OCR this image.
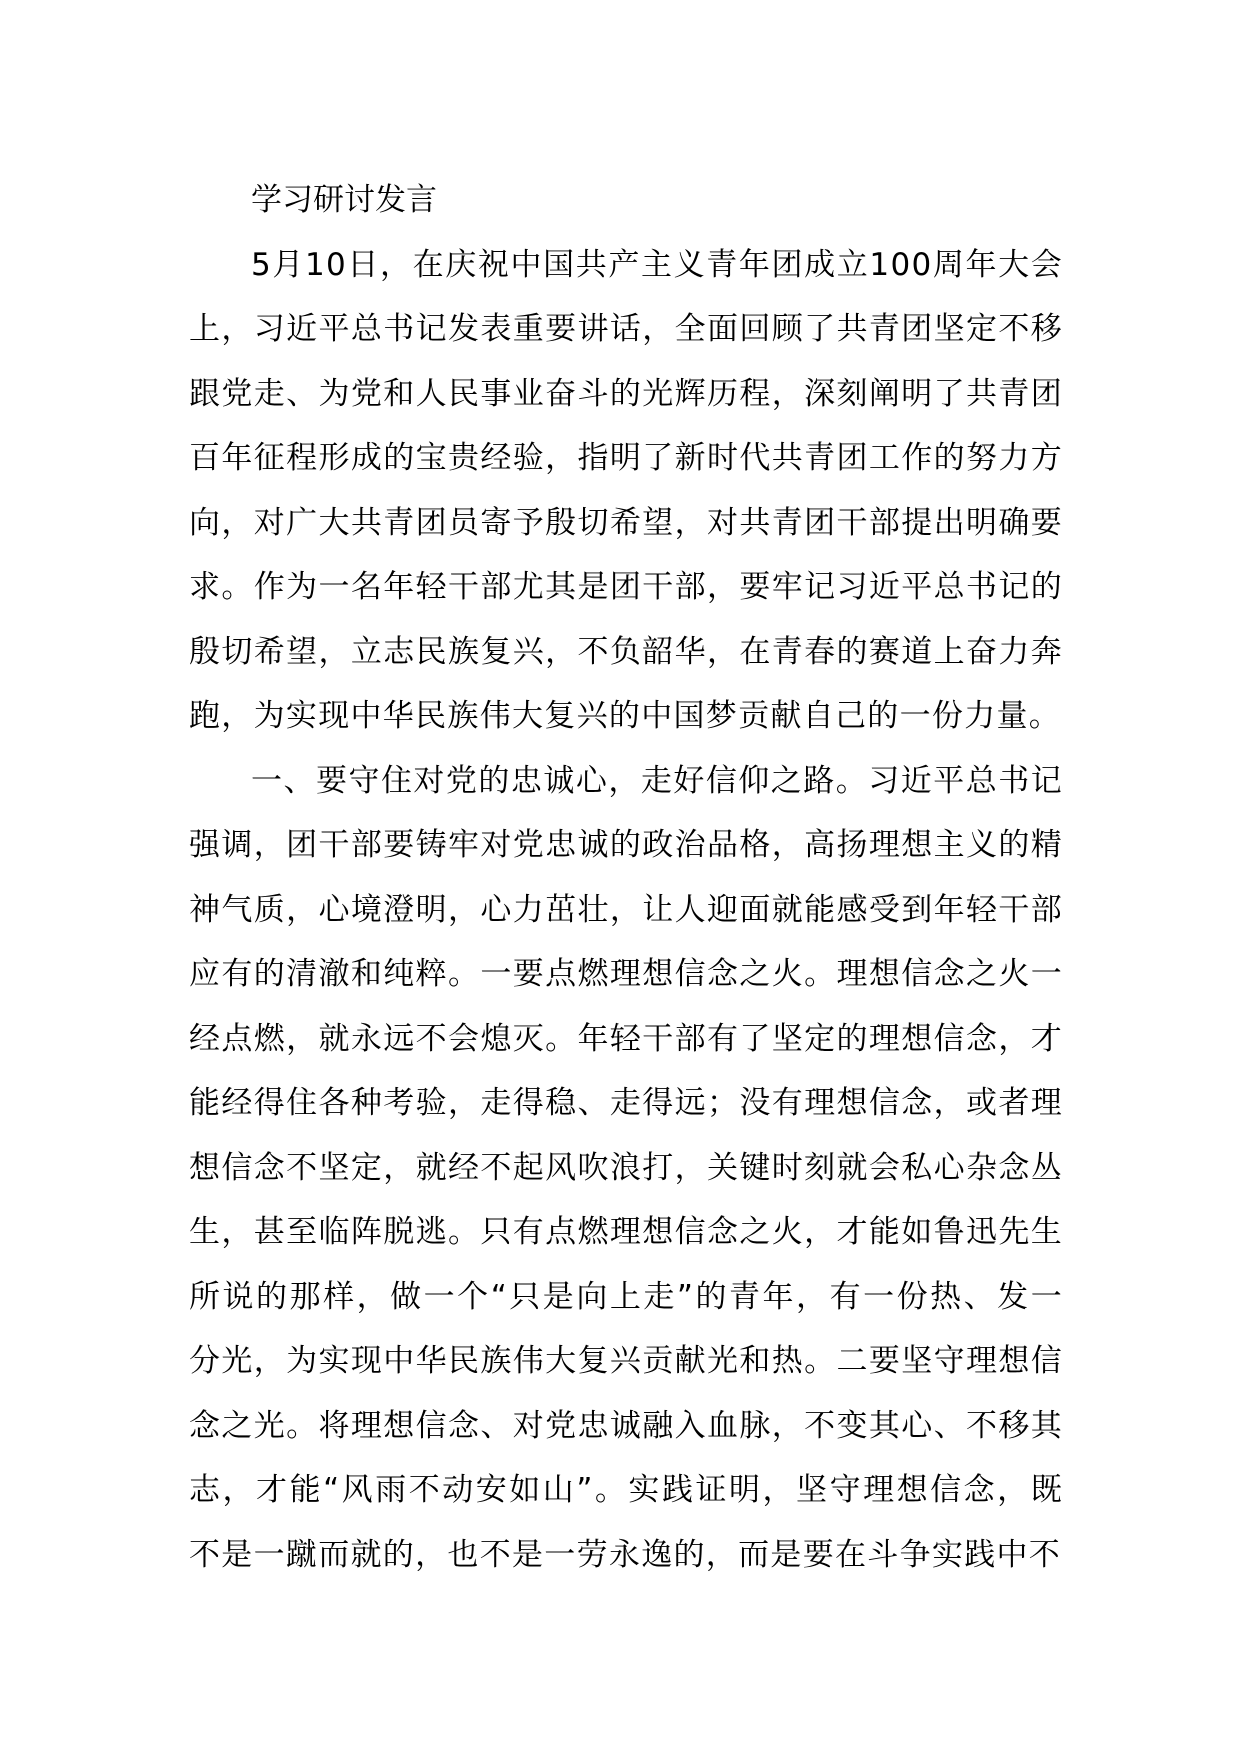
学习研讨发言

5月10日，在庆祝中国共产主义青年团成立100周年大会上，习近平总书记发表重要讲话，全面回顾了共青团坚定不移跟党走、为党和人民事业奋斗的光辉历程，深刻阐明了共青团百年征程形成的宝贵经验，指明了新时代共青团工作的努力方向，对广大共青团员寄予殷切希望，对共青团干部提出明确要求。作为一名年轻干部尤其是团干部，要牢记习近平总书记的殷切希望，立志民族复兴，不负韶华，在青春的赛道上奋力奔跑，为实现中华民族伟大复兴的中国梦贡献自己的一份力量。

一、要守住对党的忠诚心，走好信仰之路。习近平总书记强调，团干部要铸牢对党忠诚的政治品格，高扬理想主义的精神气质，心境澄明，心力茁壮，让人迎面就能感受到年轻干部应有的清澈和纯粹。一要点燃理想信念之火。理想信念之火一经点燃，就永远不会熄灭。年轻干部有了坚定的理想信念，才能经得住各种考验，走得稳、走得远；没有理想信念，或者理想信念不坚定，就经不起风吹浪打，关键时刻就会私心杂念丛生，甚至临阵脱逃。只有点燃理想信念之火，才能如鲁迅先生所说的那样，做一个“只是向上走”的青年，有一份热、发一分光，为实现中华民族伟大复兴贡献光和热。二要坚守理想信念之光。将理想信念、对党忠诚融入血脉，不变其心、不移其志，才能“风雨不动安如山”。实践证明，坚守理想信念，既不是一蹴而就的，也不是一劳永逸的，而是要在斗争实践中不
